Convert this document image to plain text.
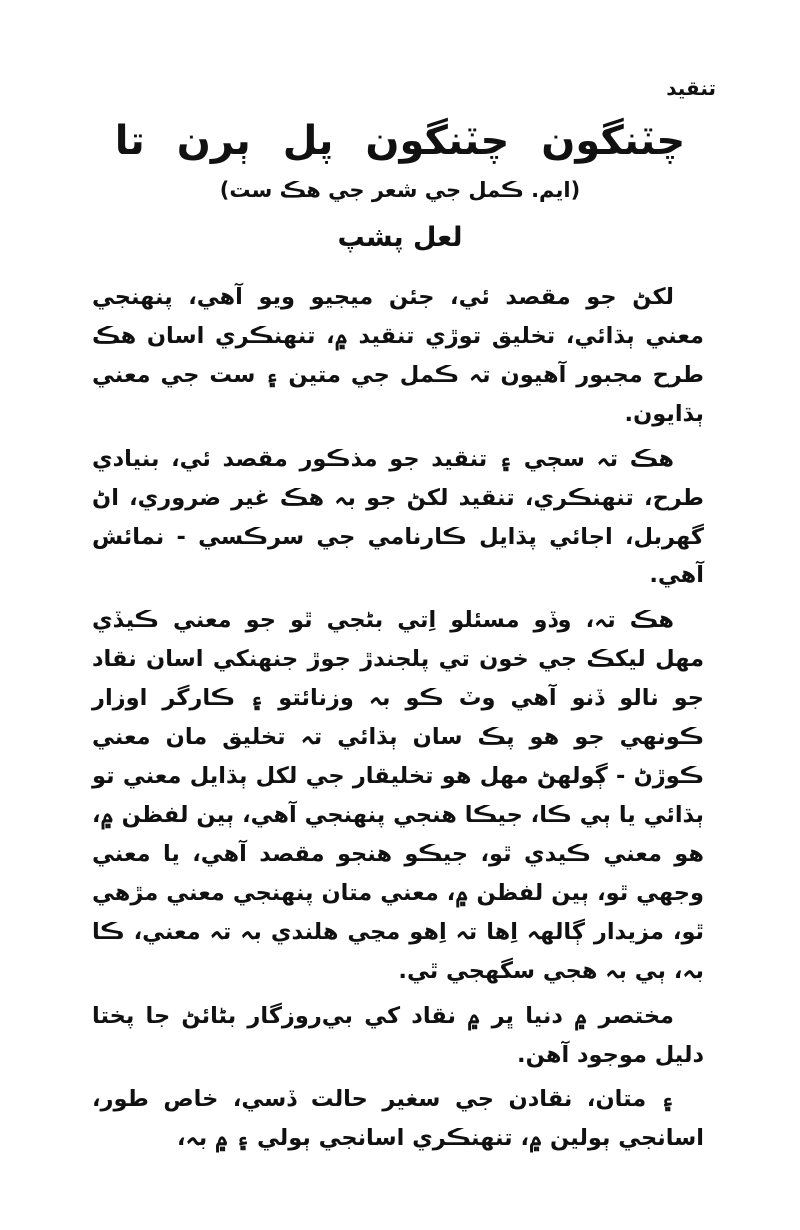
تنقيد
چٽنگون چٽنگون پل ٻرن تا
(ايم. ڪمل جي شعر جي هڪ ست)
لعل پشپ

لکڻ جو مقصد ئي، جئن ميجيو ويو آهي، پنهنجي معني ٻڌائي، تخليق توڙي تنقيد ۾، تنهنڪري اسان هڪ طرح مجبور آهيون تہ ڪمل جي متين ۽ ست جي معني ٻڌايون.

هڪ تہ سڄي ۽ تنقيد جو مذڪور مقصد ئي، بنيادي طرح، تنهنڪري، تنقيد لکڻ جو بہ هڪ غير ضروري، اڻ گهربل، اجائي پڌايل ڪارنامي جي سرڪسي - نمائش آهي.

هڪ تہ، وڏو مسئلو اِتي بڻجي ٿو جو معني ڪيڏي مهل ليکڪ جي خون تي پلجندڙ جوڙ جنهنکي اسان نقاد جو نالو ڏنو آهي وٽ ڪو بہ وزنائتو ۽ ڪارگر اوزار ڪونهي جو هو پڪ سان ٻڌائي تہ تخليق مان معني ڪوڙڻ - ڳولهڻ مهل هو تخليقار جي لکل ٻڌايل معني تو ٻڌائي يا ٻي ڪا، جيڪا هنجي پنهنجي آهي، ٻين لفظن ۾، هو معني ڪيدي ٿو، جيڪو هنجو مقصد آهي، يا معني وجهي ٿو، ٻين لفظن ۾، معني متان پنهنجي معني مڙهي ٿو، مزيدار ڳالهہ اِها تہ اِهو مڃي هلندي بہ تہ معني، ڪا بہ، ٻي بہ هجي سگهجي ٿي.

مختصر ۾ دنيا ڀر ۾ نقاد کي بي‌روزگار بڻائڻ جا پختا دليل موجود آهن.

۽ متان، نقادن جي سغير حالت ڏسي، خاص طور، اسانجي ٻولين ۾، تنهنڪري اسانجي ٻولي ۽ ۾ بہ،
